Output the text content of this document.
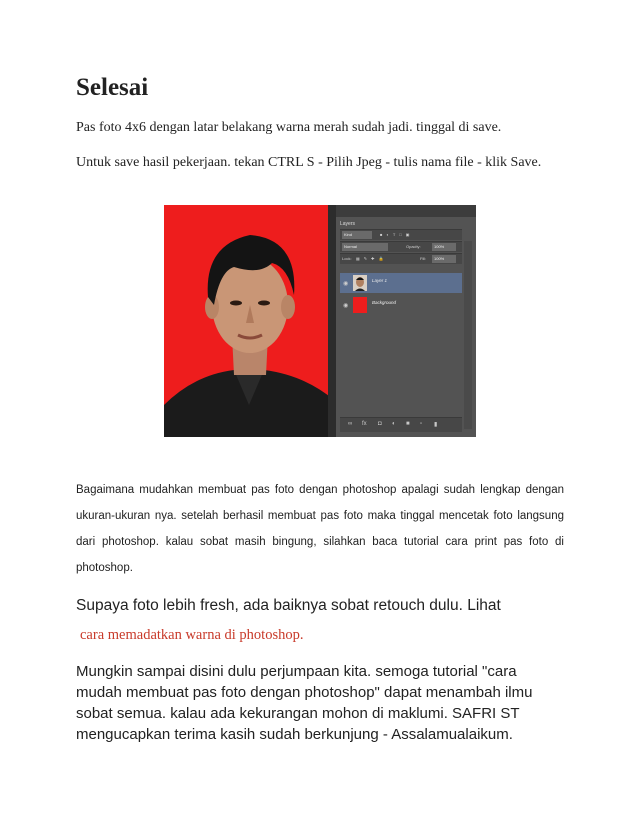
Selesai
Pas foto 4x6 dengan latar belakang warna merah sudah jadi. tinggal di save.
Untuk save hasil pekerjaan. tekan CTRL S - Pilih Jpeg - tulis nama file - klik Save.
Layers
Kind	■◐T□▣
Normal	Opacity:	100%
Lock: ▦✎✚🔒	Fill:	100%
◉
Layer 1
◉
Background
∞ fx ◘ ◐ ■ ▫ ▮
Bagaimana mudahkan membuat pas foto dengan photoshop apalagi sudah lengkap dengan ukuran-ukuran nya. setelah berhasil membuat pas foto maka tinggal mencetak foto langsung dari photoshop. kalau sobat masih bingung, silahkan baca tutorial cara print pas foto di photoshop.
Supaya foto lebih fresh, ada baiknya sobat retouch dulu. Lihat
cara memadatkan warna di photoshop.
Mungkin sampai disini dulu perjumpaan kita. semoga tutorial "cara mudah membuat pas foto dengan photoshop" dapat menambah ilmu sobat semua. kalau ada kekurangan mohon di maklumi. SAFRI ST mengucapkan terima kasih sudah berkunjung - Assalamualaikum.
